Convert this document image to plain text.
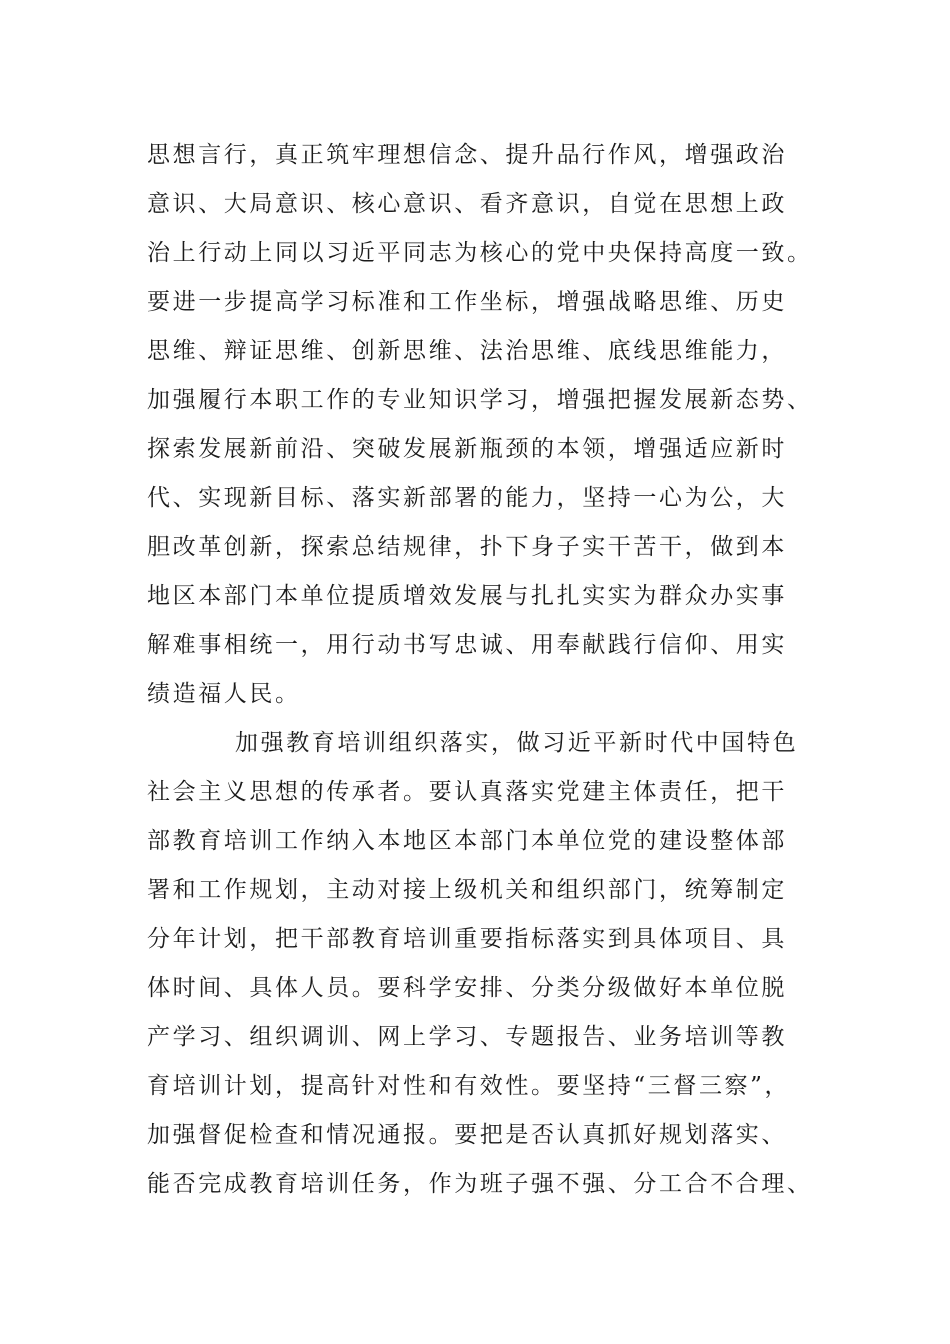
思想言行，真正筑牢理想信念、提升品行作风，增强政治
意识、大局意识、核心意识、看齐意识，自觉在思想上政
治上行动上同以习近平同志为核心的党中央保持高度一致。
要进一步提高学习标准和工作坐标，增强战略思维、历史
思维、辩证思维、创新思维、法治思维、底线思维能力，
加强履行本职工作的专业知识学习，增强把握发展新态势、
探索发展新前沿、突破发展新瓶颈的本领，增强适应新时
代、实现新目标、落实新部署的能力，坚持一心为公，大
胆改革创新，探索总结规律，扑下身子实干苦干，做到本
地区本部门本单位提质增效发展与扎扎实实为群众办实事
解难事相统一，用行动书写忠诚、用奉献践行信仰、用实
绩造福人民。
加强教育培训组织落实，做习近平新时代中国特色
社会主义思想的传承者。要认真落实党建主体责任，把干
部教育培训工作纳入本地区本部门本单位党的建设整体部
署和工作规划，主动对接上级机关和组织部门，统筹制定
分年计划，把干部教育培训重要指标落实到具体项目、具
体时间、具体人员。要科学安排、分类分级做好本单位脱
产学习、组织调训、网上学习、专题报告、业务培训等教
育培训计划，提高针对性和有效性。要坚持“三督三察”，
加强督促检查和情况通报。要把是否认真抓好规划落实、
能否完成教育培训任务，作为班子强不强、分工合不合理、
